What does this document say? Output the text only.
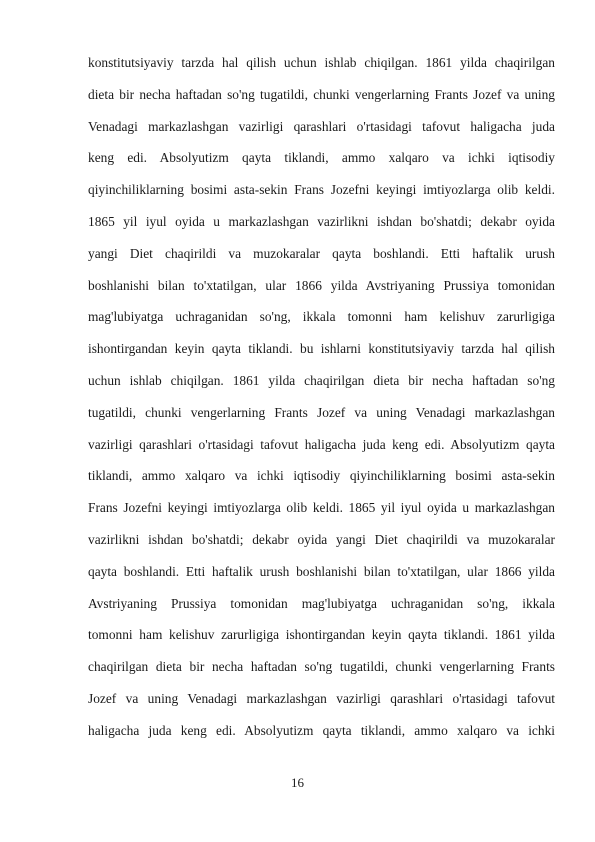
konstitutsiyaviy tarzda hal qilish uchun ishlab chiqilgan. 1861 yilda chaqirilgan
dieta bir necha haftadan so'ng tugatildi, chunki vengerlarning Frants Jozef va uning
Venadagi markazlashgan vazirligi qarashlari o'rtasidagi tafovut haligacha juda
keng edi. Absolyutizm qayta tiklandi, ammo xalqaro va ichki iqtisodiy
qiyinchiliklarning bosimi asta-sekin Frans Jozefni keyingi imtiyozlarga olib keldi.
1865 yil iyul oyida u markazlashgan vazirlikni ishdan bo'shatdi; dekabr oyida
yangi Diet chaqirildi va muzokaralar qayta boshlandi. Etti haftalik urush
boshlanishi bilan to'xtatilgan, ular 1866 yilda Avstriyaning Prussiya tomonidan
mag'lubiyatga uchraganidan so'ng, ikkala tomonni ham kelishuv zarurligiga
ishontirgandan keyin qayta tiklandi. bu ishlarni konstitutsiyaviy tarzda hal qilish
uchun ishlab chiqilgan. 1861 yilda chaqirilgan dieta bir necha haftadan so'ng
tugatildi, chunki vengerlarning Frants Jozef va uning Venadagi markazlashgan
vazirligi qarashlari o'rtasidagi tafovut haligacha juda keng edi. Absolyutizm qayta
tiklandi, ammo xalqaro va ichki iqtisodiy qiyinchiliklarning bosimi asta-sekin
Frans Jozefni keyingi imtiyozlarga olib keldi. 1865 yil iyul oyida u markazlashgan
vazirlikni ishdan bo'shatdi; dekabr oyida yangi Diet chaqirildi va muzokaralar
qayta boshlandi. Etti haftalik urush boshlanishi bilan to'xtatilgan, ular 1866 yilda
Avstriyaning Prussiya tomonidan mag'lubiyatga uchraganidan so'ng, ikkala
tomonni ham kelishuv zarurligiga ishontirgandan keyin qayta tiklandi. 1861 yilda
chaqirilgan dieta bir necha haftadan so'ng tugatildi, chunki vengerlarning Frants
Jozef va uning Venadagi markazlashgan vazirligi qarashlari o'rtasidagi tafovut
haligacha juda keng edi. Absolyutizm qayta tiklandi, ammo xalqaro va ichki
16
